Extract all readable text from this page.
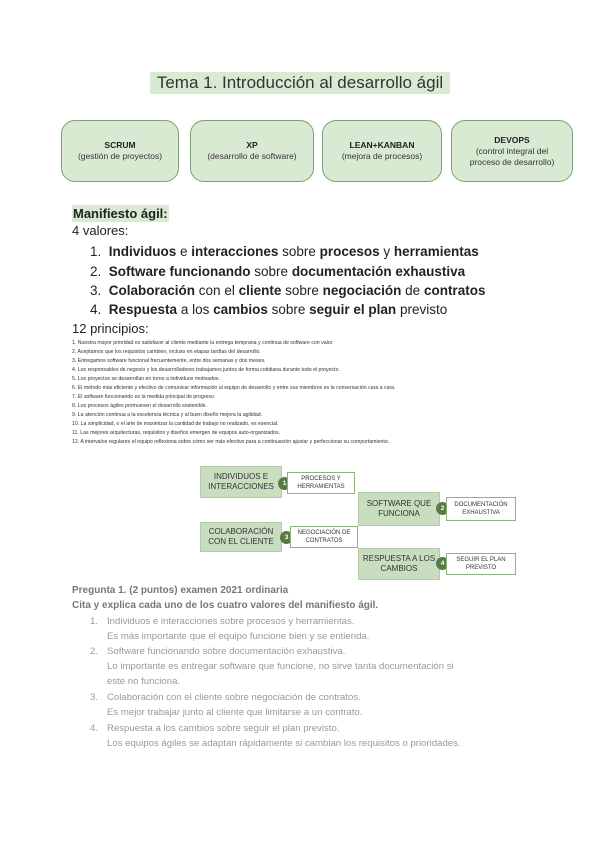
Tema 1. Introducción al desarrollo ágil
SCRUM
(gestión de proyectos)
XP
(desarrollo de software)
LEAN+KANBAN
(mejora de procesos)
DEVOPS
(control integral del proceso de desarrollo)
Manifiesto ágil:
4 valores:
1. Individuos e interacciones sobre procesos y herramientas
2. Software funcionando sobre documentación exhaustiva
3. Colaboración con el cliente sobre negociación de contratos
4. Respuesta a los cambios sobre seguir el plan previsto
12 principios:
1. Nuestra mayor prioridad es satisfacer al cliente mediante la entrega temprana y continua de software con valor.
2. Aceptamos que los requisitos cambien, incluso en etapas tardías del desarrollo.
3. Entregamos software funcional frecuentemente, entre dos semanas y dos meses.
4. Los responsables de negocio y los desarrolladores trabajamos juntos de forma cotidiana durante todo el proyecto.
5. Los proyectos se desarrollan en torno a individuos motivados.
6. El método más eficiente y efectivo de comunicar información al equipo de desarrollo y entre sus miembros es la conversación cara a cara.
7. El software funcionando es la medida principal de progreso.
8. Los procesos ágiles promueven el desarrollo sostenible.
9. La atención continua a la excelencia técnica y al buen diseño mejora la agilidad.
10. La simplicidad, o el arte de maximizar la cantidad de trabajo no realizado, es esencial.
11. Las mejores arquitecturas, requisitos y diseños emergen de equipos auto-organizados.
12. A intervalos regulares el equipo reflexiona sobre cómo ser más efectivo para a continuación ajustar y perfeccionar su comportamiento.
INDIVIDUOS E INTERACCIONES	1
PROCESOS Y HERRAMIENTAS
SOFTWARE QUE FUNCIONA
2	DOCUMENTACIÓN EXHAUSTIVA
COLABORACIÓN CON EL CLIENTE	3
NEGOCIACIÓN DE CONTRATOS
RESPUESTA A LOS CAMBIOS
4	SEGUIR EL PLAN PREVISTO
Pregunta 1. (2 puntos) examen 2021 ordinaria
Cita y explica cada uno de los cuatro valores del manifiesto ágil.
1. Individuos e interacciones sobre procesos y herramientas.
Es más importante que el equipo funcione bien y se entienda.
2. Software funcionando sobre documentación exhaustiva.
Lo importante es entregar software que funcione, no sirve tanta documentación si
este no funciona.
3. Colaboración con el cliente sobre negociación de contratos.
Es mejor trabajar junto al cliente que limitarse a un contrato.
4. Respuesta a los cambios sobre seguir el plan previsto.
Los equipos ágiles se adaptan rápidamente si cambian los requisitos o prioridades.
